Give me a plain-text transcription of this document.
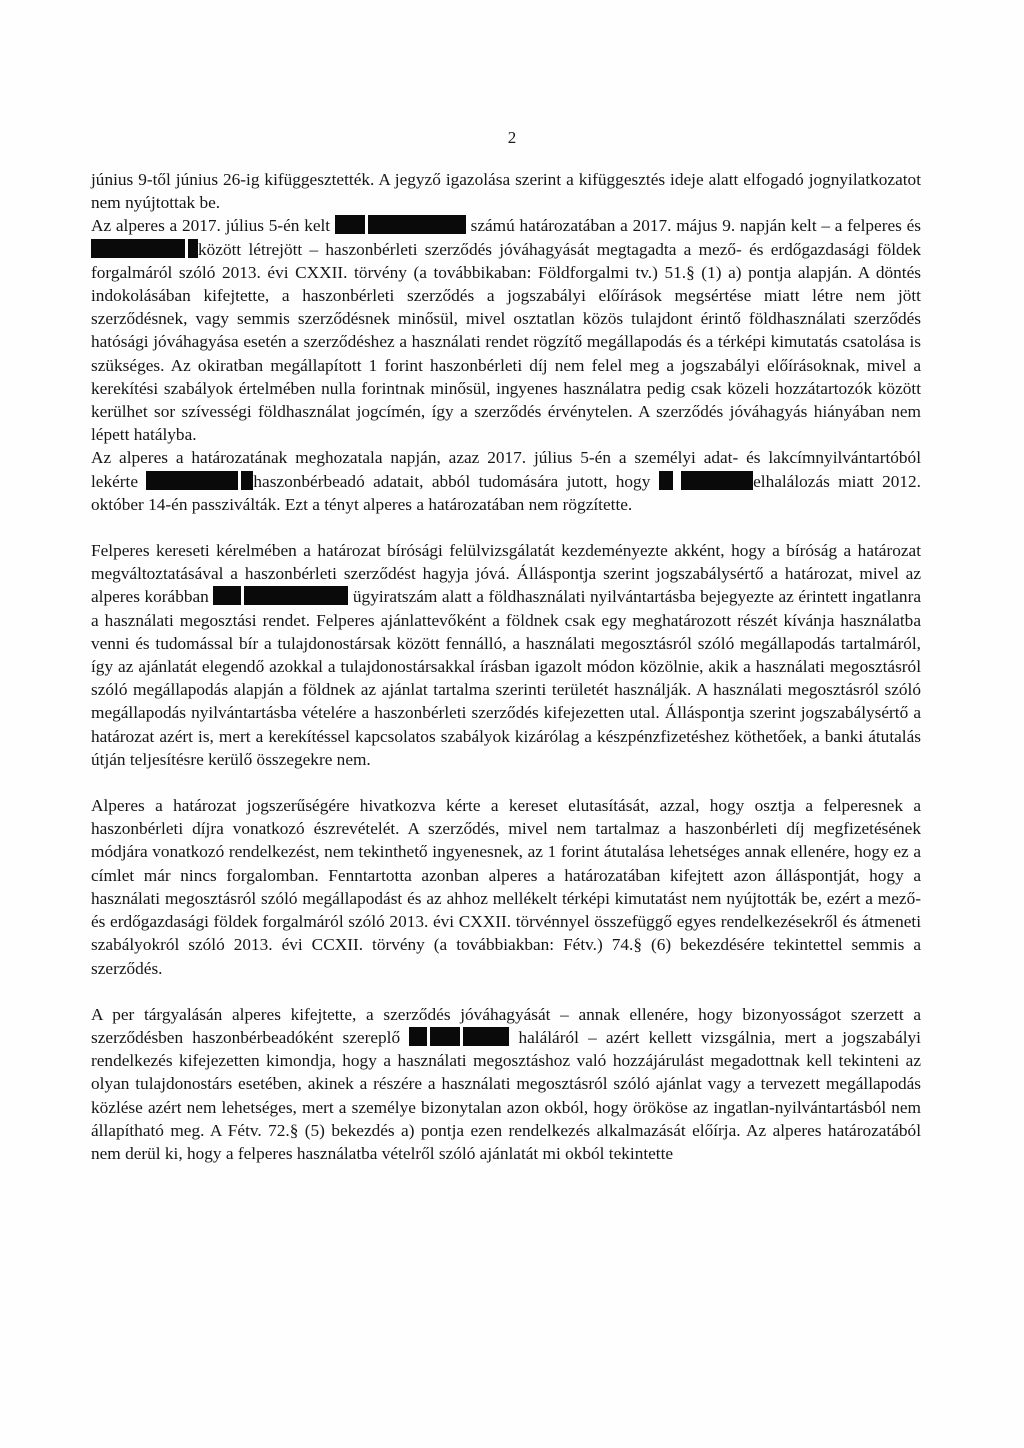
2

június 9-től június 26-ig kifüggesztették. A jegyző igazolása szerint a kifüggesztés ideje alatt elfogadó jognyilatkozatot nem nyújtottak be.

Az alperes a 2017. július 5-én kelt	számú határozatában a 2017. május 9. napján kelt – a felperes és között létrejött – haszonbérleti szerződés jóváhagyását megtagadta a mező- és erdőgazdasági földek forgalmáról szóló 2013. évi CXXII. törvény (a továbbikaban: Földforgalmi tv.) 51.§ (1) a) pontja alapján. A döntés indokolásában kifejtette, a haszonbérleti szerződés a jogszabályi előírások megsértése miatt létre nem jött szerződésnek, vagy semmis szerződésnek minősül, mivel osztatlan közös tulajdont érintő földhasználati szerződés hatósági jóváhagyása esetén a szerződéshez a használati rendet rögzítő megállapodás és a térképi kimutatás csatolása is szükséges. Az okiratban megállapított 1 forint haszonbérleti díj nem felel meg a jogszabályi előírásoknak, mivel a kerekítési szabályok értelmében nulla forintnak minősül, ingyenes használatra pedig csak közeli hozzátartozók között kerülhet sor szívességi földhasználat jogcímén, így a szerződés érvénytelen. A szerződés jóváhagyás hiányában nem lépett hatályba.

Az alperes a határozatának meghozatala napján, azaz 2017. július 5-én a személyi adat- és lakcímnyilvántartóból lekérte	haszonbérbeadó adatait, abból tudomására jutott, hogy	elhalálozás miatt 2012. október 14-én passziválták. Ezt a tényt alperes a határozatában nem rögzítette.

Felperes kereseti kérelmében a határozat bírósági felülvizsgálatát kezdeményezte akként, hogy a bíróság a határozat megváltoztatásával a haszonbérleti szerződést hagyja jóvá. Álláspontja szerint jogszabálysértő a határozat, mivel az alperes korábban	ügyiratszám alatt a földhasználati nyilvántartásba bejegyezte az érintett ingatlanra a használati megosztási rendet. Felperes ajánlattevőként a földnek csak egy meghatározott részét kívánja használatba venni és tudomással bír a tulajdonostársak között fennálló, a használati megosztásról szóló megállapodás tartalmáról, így az ajánlatát elegendő azokkal a tulajdonostársakkal írásban igazolt módon közölnie, akik a használati megosztásról szóló megállapodás alapján a földnek az ajánlat tartalma szerinti területét használják. A használati megosztásról szóló megállapodás nyilvántartásba vételére a haszonbérleti szerződés kifejezetten utal. Álláspontja szerint jogszabálysértő a határozat azért is, mert a kerekítéssel kapcsolatos szabályok kizárólag a készpénzfizetéshez köthetőek, a banki átutalás útján teljesítésre kerülő összegekre nem.

Alperes a határozat jogszerűségére hivatkozva kérte a kereset elutasítását, azzal, hogy osztja a felperesnek a haszonbérleti díjra vonatkozó észrevételét. A szerződés, mivel nem tartalmaz a haszonbérleti díj megfizetésének módjára vonatkozó rendelkezést, nem tekinthető ingyenesnek, az 1 forint átutalása lehetséges annak ellenére, hogy ez a címlet már nincs forgalomban. Fenntartotta azonban alperes a határozatában kifejtett azon álláspontját, hogy a használati megosztásról szóló megállapodást és az ahhoz mellékelt térképi kimutatást nem nyújtották be, ezért a mező- és erdőgazdasági földek forgalmáról szóló 2013. évi CXXII. törvénnyel összefüggő egyes rendelkezésekről és átmeneti szabályokról szóló 2013. évi CCXII. törvény (a továbbiakban: Fétv.) 74.§ (6) bekezdésére tekintettel semmis a szerződés.

A per tárgyalásán alperes kifejtette, a szerződés jóváhagyását – annak ellenére, hogy bizonyosságot szerzett a szerződésben haszonbérbeadóként szereplő	haláláról – azért kellett vizsgálnia, mert a jogszabályi rendelkezés kifejezetten kimondja, hogy a használati megosztáshoz való hozzájárulást megadottnak kell tekinteni az olyan tulajdonostárs esetében, akinek a részére a használati megosztásról szóló ajánlat vagy a tervezett megállapodás közlése azért nem lehetséges, mert a személye bizonytalan azon okból, hogy örököse az ingatlan-nyilvántartásból nem állapítható meg. A Fétv. 72.§ (5) bekezdés a) pontja ezen rendelkezés alkalmazását előírja. Az alperes határozatából nem derül ki, hogy a felperes használatba vételről szóló ajánlatát mi okból tekintette
